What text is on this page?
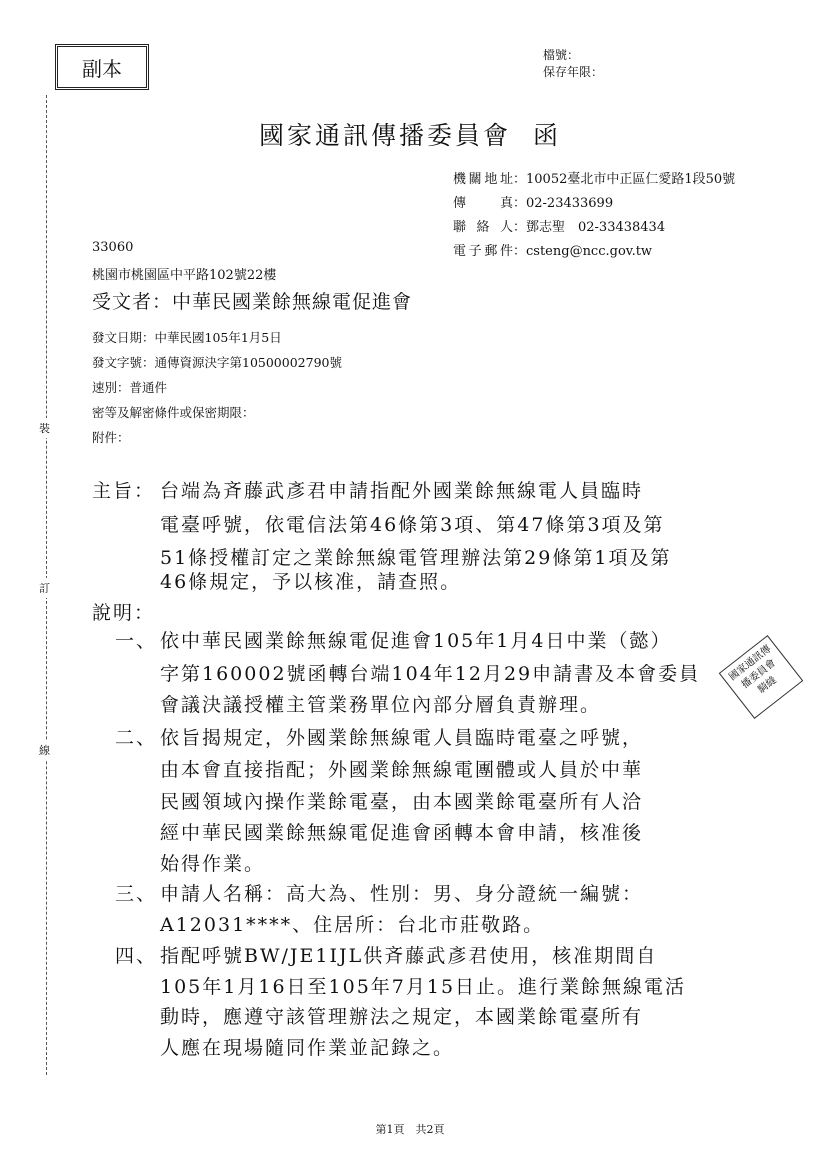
副本
檔號：
保存年限：
裝
訂
線
國家通訊傳播委員會 函
機關地址：10052臺北市中正區仁愛路1段50號
傳真：02-23433699
聯絡人：鄧志聖　02-33438434
電子郵件：csteng@ncc.gov.tw
33060
桃園市桃園區中平路102號22樓
受文者：中華民國業餘無線電促進會
發文日期：中華民國105年1月5日
發文字號：通傳資源決字第10500002790號
速別：普通件
密等及解密條件或保密期限：
附件：
主旨： 台端為斉藤武彥君申請指配外國業餘無線電人員臨時
電臺呼號，依電信法第46條第3項、第47條第3項及第
51條授權訂定之業餘無線電管理辦法第29條第1項及第
46條規定，予以核准，請查照。
說明：
一、 依中華民國業餘無線電促進會105年1月4日中業（懿）
字第160002號函轉台端104年12月29申請書及本會委員
會議決議授權主管業務單位內部分層負責辦理。
二、 依旨揭規定，外國業餘無線電人員臨時電臺之呼號，
由本會直接指配；外國業餘無線電團體或人員於中華
民國領域內操作業餘電臺，由本國業餘電臺所有人洽
經中華民國業餘無線電促進會函轉本會申請，核准後
始得作業。
三、 申請人名稱：高大為、性別：男、身分證統一編號：
A12031****、住居所：台北市莊敬路。
四、 指配呼號BW/JE1IJL供斉藤武彥君使用，核准期間自
105年1月16日至105年7月15日止。進行業餘無線電活
動時，應遵守該管理辦法之規定，本國業餘電臺所有
人應在現場隨同作業並記錄之。
國家通訊傳播委員會 騎縫
第1頁　共2頁
